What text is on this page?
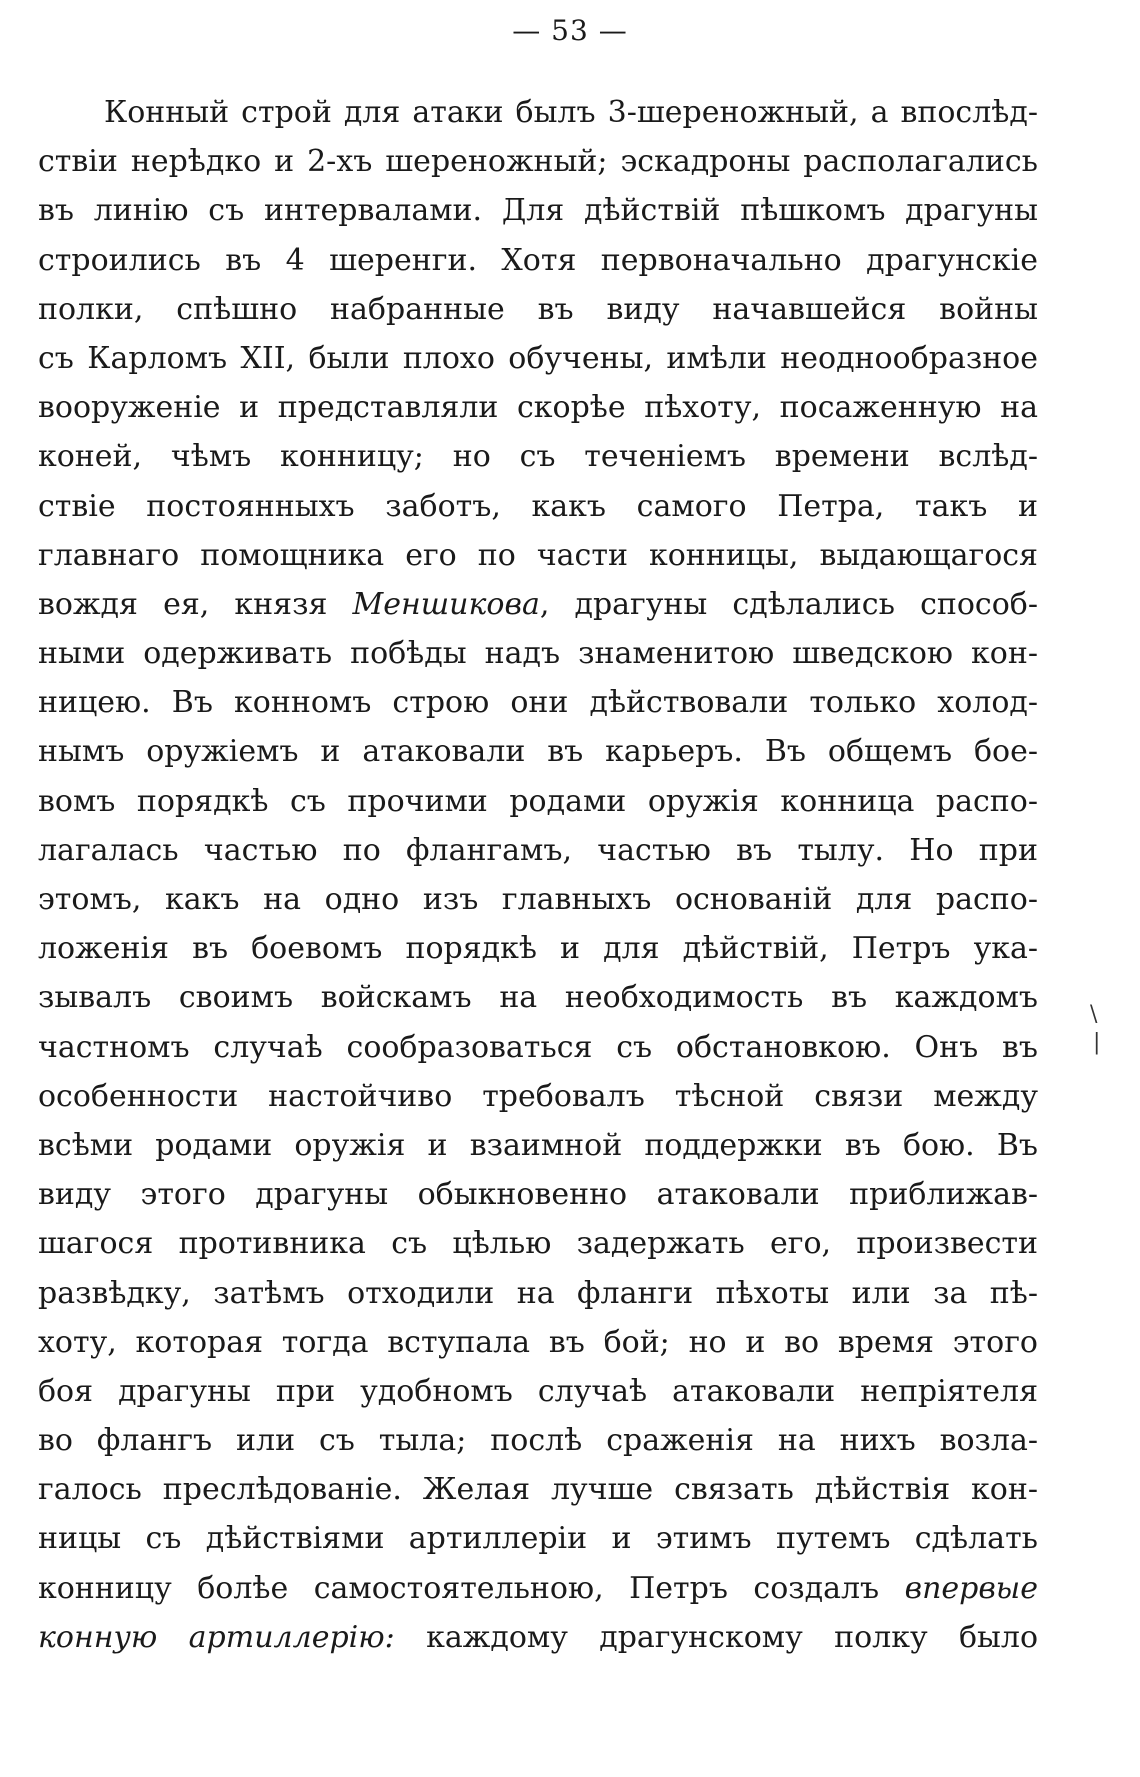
— 53 —
Конный строй для атаки былъ 3-шереножный, а впослѣд-
ствіи нерѣдко и 2-хъ шереножный; эскадроны располагались
въ линію съ интервалами. Для дѣйствій пѣшкомъ драгуны
строились въ 4 шеренги. Хотя первоначально драгунскіе
полки, спѣшно набранные въ виду начавшейся войны
съ Карломъ XII, были плохо обучены, имѣли неоднообразное
вооруженіе и представляли скорѣе пѣхоту, посаженную на
коней, чѣмъ конницу; но съ теченіемъ времени вслѣд-
ствіе постоянныхъ заботъ, какъ самого Петра, такъ и
главнаго помощника его по части конницы, выдающагося
вождя ея, князя Меншикова, драгуны сдѣлались способ-
ными одерживать побѣды надъ знаменитою шведскою кон-
ницею. Въ конномъ строю они дѣйствовали только холод-
нымъ оружіемъ и атаковали въ карьеръ. Въ общемъ бое-
вомъ порядкѣ съ прочими родами оружія конница распо-
лагалась частью по флангамъ, частью въ тылу. Но при
этомъ, какъ на одно изъ главныхъ основаній для распо-
ложенія въ боевомъ порядкѣ и для дѣйствій, Петръ ука-
зывалъ своимъ войскамъ на необходимость въ каждомъ
частномъ случаѣ сообразоваться съ обстановкою. Онъ въ
особенности настойчиво требовалъ тѣсной связи между
всѣми родами оружія и взаимной поддержки въ бою. Въ
виду этого драгуны обыкновенно атаковали приближав-
шагося противника съ цѣлью задержать его, произвести
развѣдку, затѣмъ отходили на фланги пѣхоты или за пѣ-
хоту, которая тогда вступала въ бой; но и во время этого
боя драгуны при удобномъ случаѣ атаковали непріятеля
во флангъ или съ тыла; послѣ сраженія на нихъ возла-
галось преслѣдованіе. Желая лучше связать дѣйствія кон-
ницы съ дѣйствіями артиллеріи и этимъ путемъ сдѣлать
конницу болѣе самостоятельною, Петръ создалъ впервые
конную артиллерію: каждому драгунскому полку было
\
|
